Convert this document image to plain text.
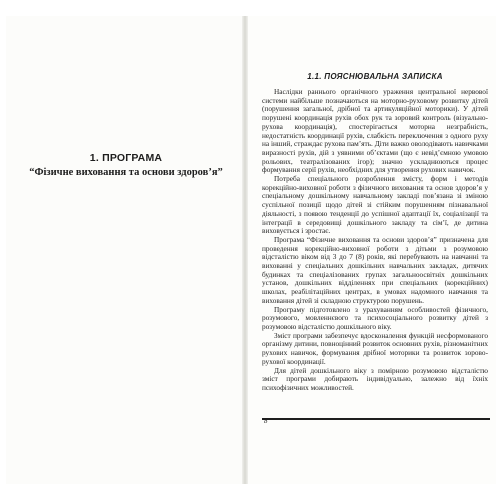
1. ПРОГРАМА

“Фізичне виховання та основи здоров’я”

1.1. ПОЯСНЮВАЛЬНА ЗАПИСКА

Наслідки раннього органічного ураження центральної нервової системи найбільше позначаються на моторно-руховому розвитку дітей (порушення загальної, дрібної та артикуляційної моторики). У дітей порушені координація рухів обох рук та зоровий контроль (візуально-рухова координація), спостерігається моторна незграбність, недостатність координації рухів, слабкість переключення з одного руху на інший, страждає рухова пам’ять. Діти важко оволодівають навичками виразності рухів, дій з уявними об’єктами (що є невід’ємною умовою рольових, театралізованих ігор); значно ускладнюються процес формування серії рухів, необхідних для утворення рухових навичок.

Потреба спеціального розроблення змісту, форм і методів корекційно-виховної роботи з фізичного виховання та основ здоров’я у спеціальному дошкільному навчальному закладі пов’язана зі зміною суспільної позиції щодо дітей зі стійким порушенням пізнавальної діяльності, з появою тенденції до успішної адаптації їх, соціалізації та інтеграції в середовищі дошкільного закладу та сім’ї, де дитина виховується і зростає.

Програма “Фізичне виховання та основи здоров’я” призначена для проведення корекційно-виховної роботи з дітьми з розумовою відсталістю віком від 3 до 7 (8) років, які перебувають на навчанні та вихованні у спеціальних дошкільних навчальних закладах, дитячих будинках та спеціалізованих групах загальноосвітніх дошкільних установ, дошкільних відділеннях при спеціальних (корекційних) школах, реабілітаційних центрах, в умовах надомного навчання та виховання дітей зі складною структурою порушень.

Програму підготовлено з урахуванням особливостей фізичного, розумового, мовленнєвого та психосоціального розвитку дітей з розумовою відсталістю дошкільного віку.

Зміст програми забезпечує вдосконалення функцій несформованого організму дитини, повноцінний розвиток основних рухів, різноманітних рухових навичок, формування дрібної моторики та розвиток зорово-рухової координації.

Для дітей дошкільного віку з помірною розумовою відсталістю зміст програми добирають індивідуально, залежно від їхніх психофізичних можливостей.

8
